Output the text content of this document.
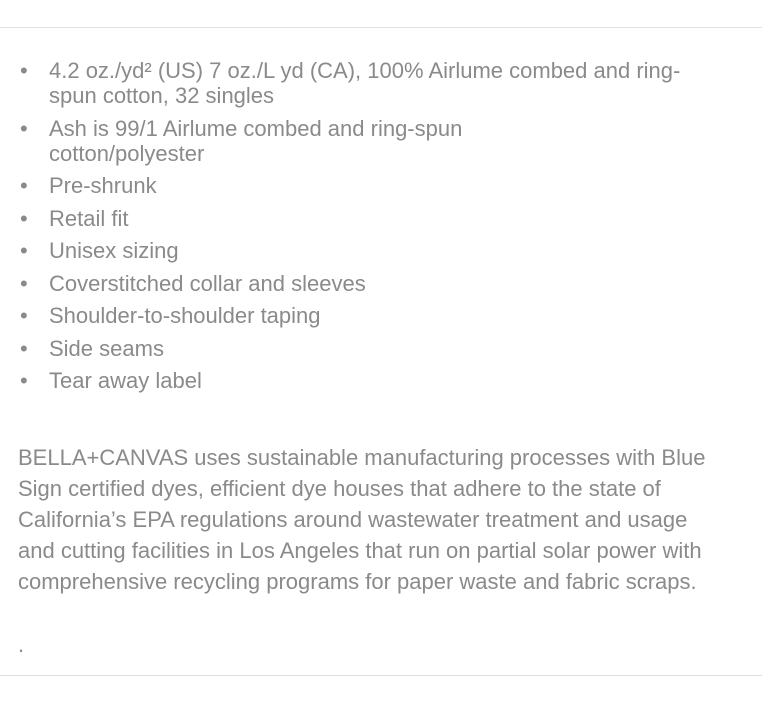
• 4.2 oz./yd² (US) 7 oz./L yd (CA), 100% Airlume combed and ring-spun cotton, 32 singles
• Ash is 99/1 Airlume combed and ring-spun cotton/polyester
• Pre-shrunk
• Retail fit
• Unisex sizing
• Coverstitched collar and sleeves
• Shoulder-to-shoulder taping
• Side seams
• Tear away label

BELLA+CANVAS uses sustainable manufacturing processes with Blue Sign certified dyes, efficient dye houses that adhere to the state of California’s EPA regulations around wastewater treatment and usage and cutting facilities in Los Angeles that run on partial solar power with comprehensive recycling programs for paper waste and fabric scraps.

.
